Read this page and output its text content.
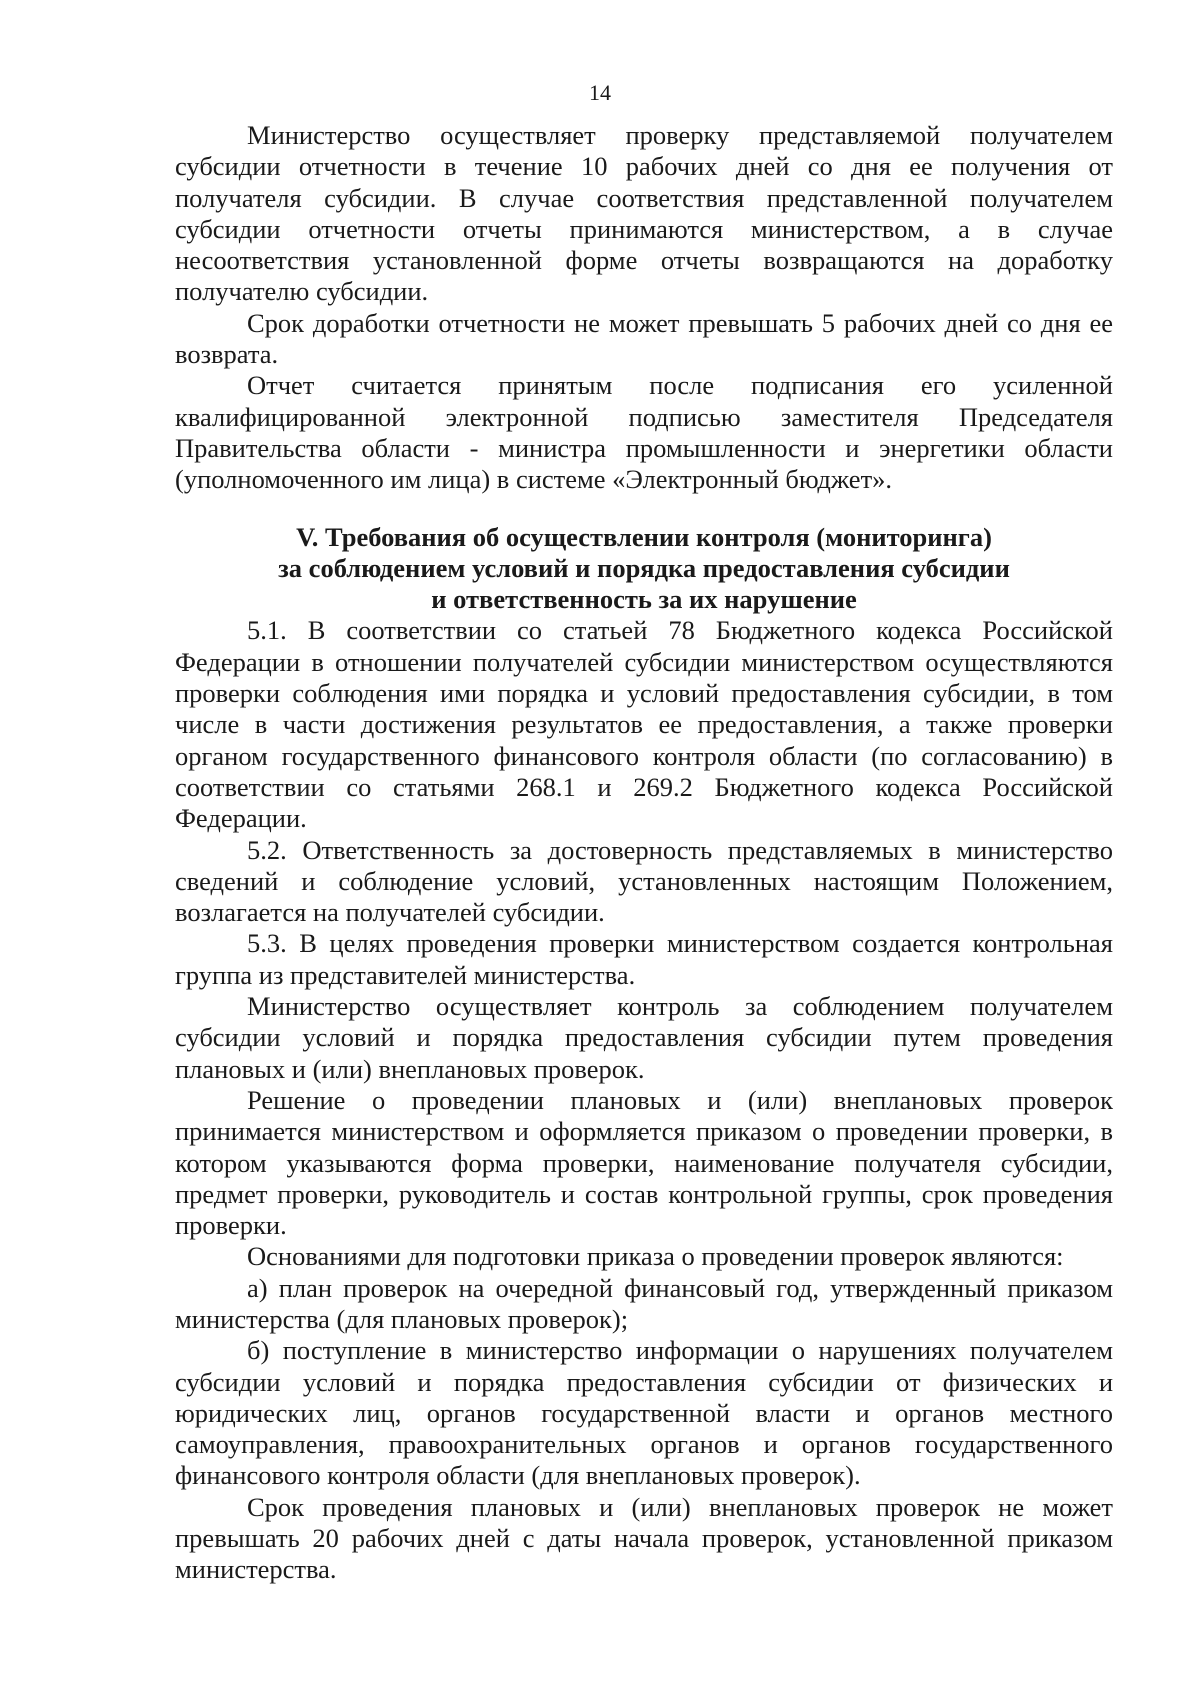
14

Министерство осуществляет проверку представляемой получателем субсидии отчетности в течение 10 рабочих дней со дня ее получения от получателя субсидии. В случае соответствия представленной получателем субсидии отчетности отчеты принимаются министерством, а в случае несоответствия установленной форме отчеты возвращаются на доработку получателю субсидии.

Срок доработки отчетности не может превышать 5 рабочих дней со дня ее возврата.

Отчет считается принятым после подписания его усиленной квалифицированной электронной подписью заместителя Председателя Правительства области - министра промышленности и энергетики области (уполномоченного им лица) в системе «Электронный бюджет».

V. Требования об осуществлении контроля (мониторинга)
за соблюдением условий и порядка предоставления субсидии
и ответственность за их нарушение

5.1. В соответствии со статьей 78 Бюджетного кодекса Российской Федерации в отношении получателей субсидии министерством осуществляются проверки соблюдения ими порядка и условий предоставления субсидии, в том числе в части достижения результатов ее предоставления, а также проверки органом государственного финансового контроля области (по согласованию) в соответствии со статьями 268.1 и 269.2 Бюджетного кодекса Российской Федерации.

5.2. Ответственность за достоверность представляемых в министерство сведений и соблюдение условий, установленных настоящим Положением, возлагается на получателей субсидии.

5.3. В целях проведения проверки министерством создается контрольная группа из представителей министерства.

Министерство осуществляет контроль за соблюдением получателем субсидии условий и порядка предоставления субсидии путем проведения плановых и (или) внеплановых проверок.

Решение о проведении плановых и (или) внеплановых проверок принимается министерством и оформляется приказом о проведении проверки, в котором указываются форма проверки, наименование получателя субсидии, предмет проверки, руководитель и состав контрольной группы, срок проведения проверки.

Основаниями для подготовки приказа о проведении проверок являются:

а) план проверок на очередной финансовый год, утвержденный приказом министерства (для плановых проверок);

б) поступление в министерство информации о нарушениях получателем субсидии условий и порядка предоставления субсидии от физических и юридических лиц, органов государственной власти и органов местного самоуправления, правоохранительных органов и органов государственного финансового контроля области (для внеплановых проверок).

Срок проведения плановых и (или) внеплановых проверок не может превышать 20 рабочих дней с даты начала проверок, установленной приказом министерства.
